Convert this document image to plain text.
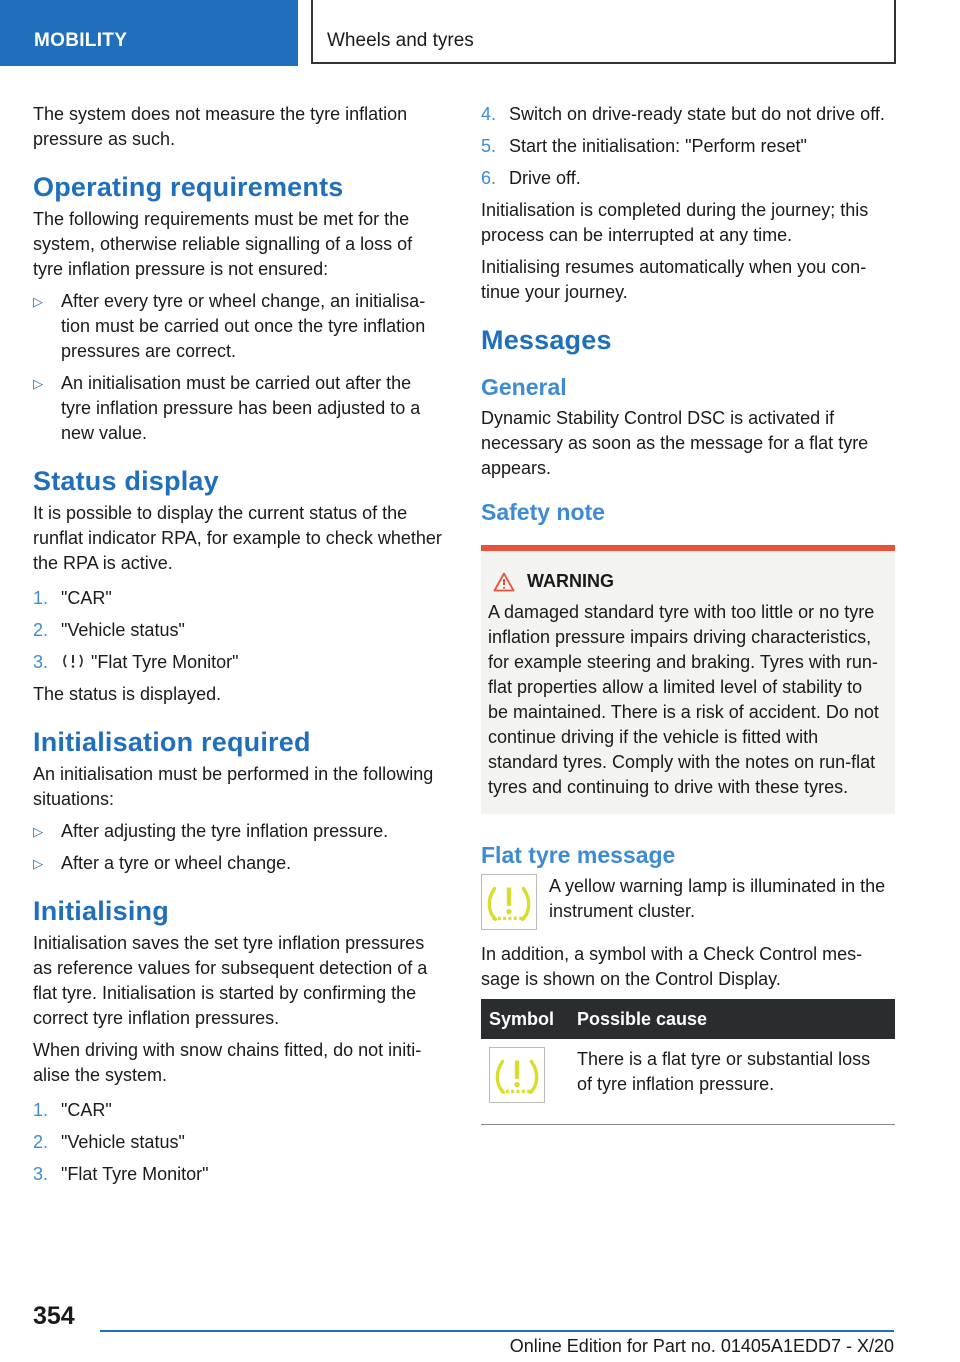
MOBILITY	Wheels and tyres

The system does not measure the tyre inflation pressure as such.

Operating requirements

The following requirements must be met for the system, otherwise reliable signalling of a loss of tyre inflation pressure is not ensured:

▷	After every tyre or wheel change, an initialisation must be carried out once the tyre inflation pressures are correct.
▷	An initialisation must be carried out after the tyre inflation pressure has been adjusted to a new value.
Status display

It is possible to display the current status of the runflat indicator RPA, for example to check whether the RPA is active.

1. "CAR"
2. "Vehicle status"
3. "Flat Tyre Monitor"

The status is displayed.

Initialisation required

An initialisation must be performed in the following situations:

▷	After adjusting the tyre inflation pressure.
▷	After a tyre or wheel change.
Initialising

Initialisation saves the set tyre inflation pressures as reference values for subsequent detection of a flat tyre. Initialisation is started by confirming the correct tyre inflation pressures.

When driving with snow chains fitted, do not initialise the system.

1. "CAR"
2. "Vehicle status"
3. "Flat Tyre Monitor"
4. Switch on drive-ready state but do not drive off.
5. Start the initialisation: "Perform reset"
6. Drive off.

Initialisation is completed during the journey; this process can be interrupted at any time.

Initialising resumes automatically when you continue your journey.

Messages
General

Dynamic Stability Control DSC is activated if necessary as soon as the message for a flat tyre appears.

Safety note
WARNING
A damaged standard tyre with too little or no tyre inflation pressure impairs driving characteristics, for example steering and braking. Tyres with run-flat properties allow a limited level of stability to be maintained. There is a risk of accident. Do not continue driving if the vehicle is fitted with standard tyres. Comply with the notes on run-flat tyres and continuing to drive with these tyres.
Flat tyre message
A yellow warning lamp is illuminated in the instrument cluster.

In addition, a symbol with a Check Control message is shown on the Control Display.

Symbol	Possible cause
	There is a flat tyre or substantial loss of tyre inflation pressure.
354
Online Edition for Part no. 01405A1EDD7 - X/20
